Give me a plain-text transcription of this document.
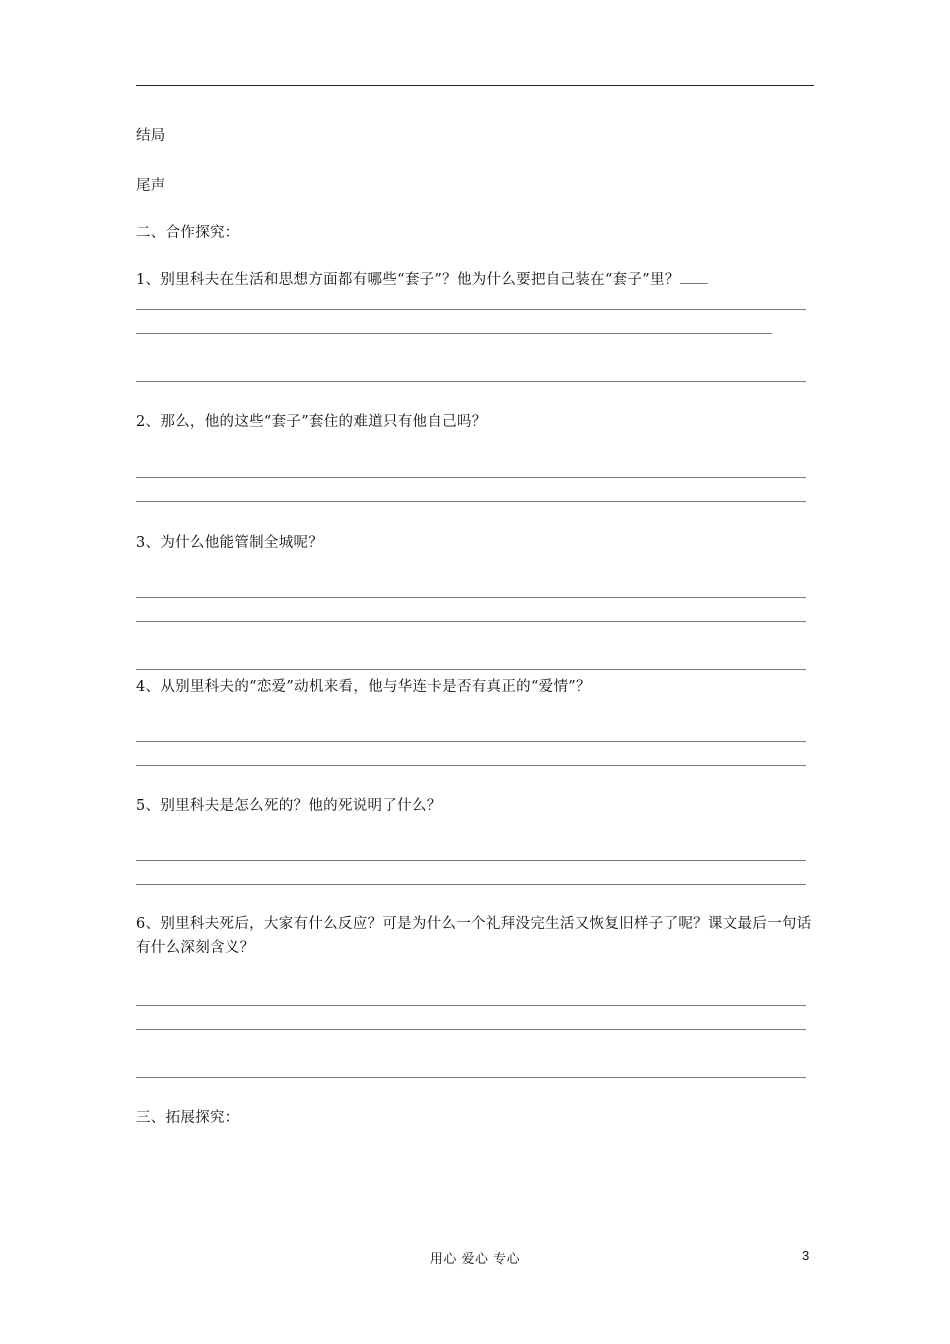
结局
尾声
二、合作探究：
1、别里科夫在生活和思想方面都有哪些“套子”？他为什么要把自己装在“套子”里？
2、那么，他的这些“套子”套住的难道只有他自己吗？
3、为什么他能管制全城呢？
4、从别里科夫的“恋爱”动机来看，他与华连卡是否有真正的“爱情”？
5、别里科夫是怎么死的？他的死说明了什么？
6、别里科夫死后，大家有什么反应？可是为什么一个礼拜没完生活又恢复旧样子了呢？课文最后一句话有什么深刻含义？
三、拓展探究：
用心 爱心 专心	3
